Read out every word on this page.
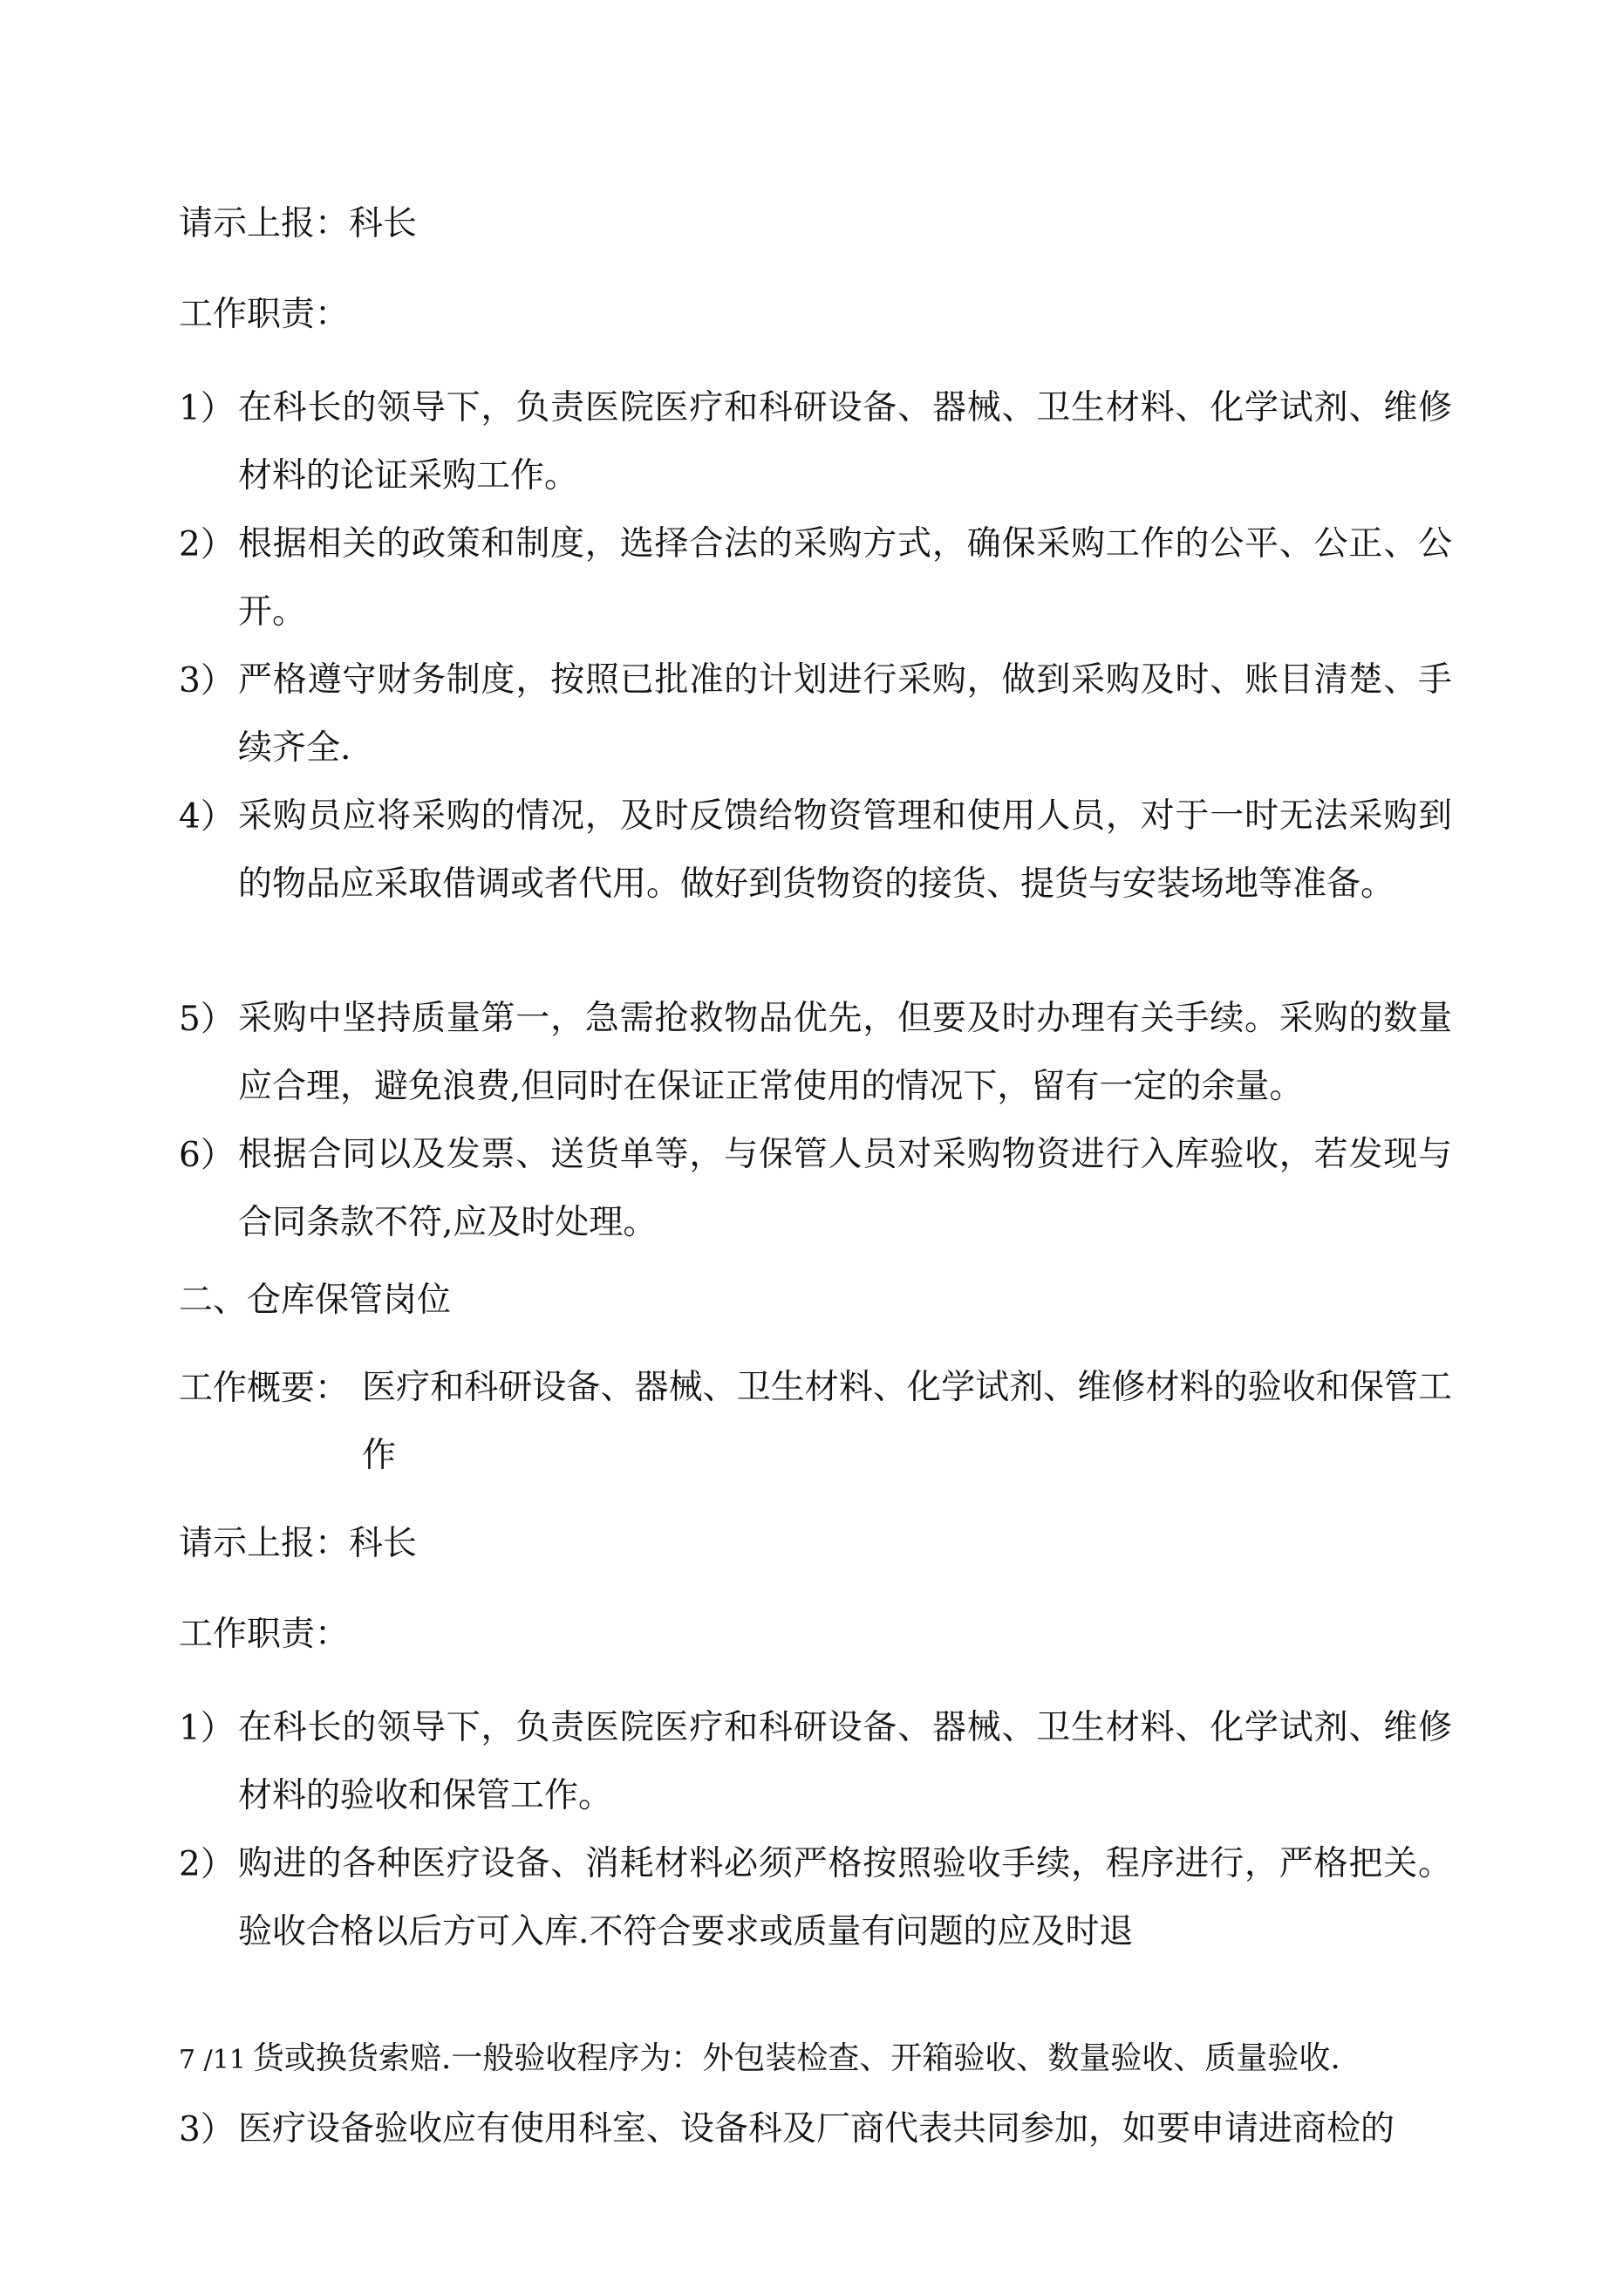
请示上报：科长
工作职责：
1） 在科长的领导下，负责医院医疗和科研设备、器械、卫生材料、化学试剂、维修材料的论证采购工作。
2） 根据相关的政策和制度，选择合法的采购方式，确保采购工作的公平、公正、公开。
3） 严格遵守财务制度，按照已批准的计划进行采购，做到采购及时、账目清楚、手续齐全.
4） 采购员应将采购的情况，及时反馈给物资管理和使用人员，对于一时无法采购到的物品应采取借调或者代用。做好到货物资的接货、提货与安装场地等准备。
5） 采购中坚持质量第一，急需抢救物品优先，但要及时办理有关手续。采购的数量应合理，避免浪费,但同时在保证正常使用的情况下，留有一定的余量。
6） 根据合同以及发票、送货单等，与保管人员对采购物资进行入库验收，若发现与合同条款不符,应及时处理。
二、仓库保管岗位
工作概要： 医疗和科研设备、器械、卫生材料、化学试剂、维修材料的验收和保管工作
请示上报：科长
工作职责：
1） 在科长的领导下，负责医院医疗和科研设备、器械、卫生材料、化学试剂、维修材料的验收和保管工作。
2） 购进的各种医疗设备、消耗材料必须严格按照验收手续，程序进行，严格把关。验收合格以后方可入库.不符合要求或质量有问题的应及时退
7 /11 货或换货索赔.一般验收程序为：外包装检查、开箱验收、数量验收、质量验收.
3） 医疗设备验收应有使用科室、设备科及厂商代表共同参加，如要申请进商检的
